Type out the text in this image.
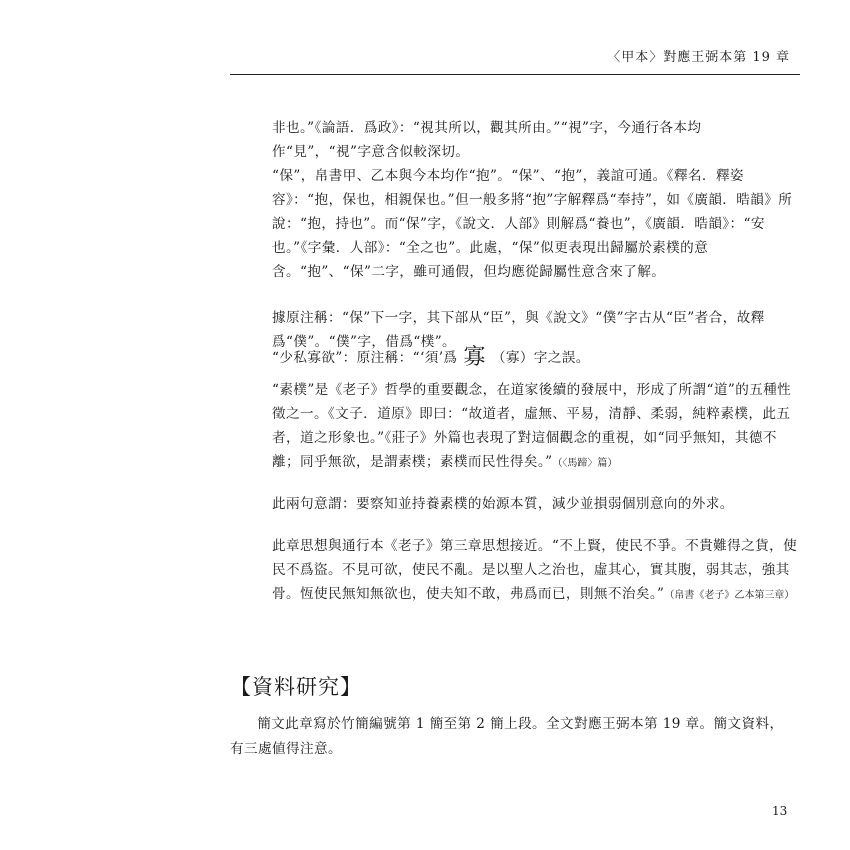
〈甲本〉對應王弼本第 19 章

非也。”《論語．爲政》：“視其所以，觀其所由。”“視”字，今通行各本均作“見”，“視”字意含似較深切。

“保”，帛書甲、乙本與今本均作“抱”。“保”、“抱”，義誼可通。《釋名．釋姿容》：“抱，保也，相親保也。”但一般多將“抱”字解釋爲“奉持”，如《廣韻．晧韻》所說：“抱，持也”。而“保”字，《說文．人部》則解爲“養也”，《廣韻．晧韻》：“安也。”《字彙．人部》：“全之也”。此處，“保”似更表現出歸屬於素樸的意含。“抱”、“保”二字，雖可通假，但均應從歸屬性意含來了解。

據原注稱：“保”下一字，其下部从“臣”，與《說文》“僕”字古从“臣”者合，故釋爲“僕”。“僕”字，借爲“樸”。

“少私寡欲”：原注稱：“‘須’爲 寡 （寡）字之誤。

“素樸”是《老子》哲學的重要觀念，在道家後續的發展中，形成了所謂“道”的五種性徵之一。《文子．道原》即曰：“故道者，虛無、平易，清靜、柔弱，純粹素樸，此五者，道之形象也。”《莊子》外篇也表現了對這個觀念的重視，如“同乎無知，其德不離；同乎無欲，是謂素樸；素樸而民性得矣。”（〈馬蹄〉篇）

此兩句意謂：要察知並持養素樸的始源本質，減少並損弱個別意向的外求。

此章思想與通行本《老子》第三章思想接近。“不上賢，使民不爭。不貴難得之貨，使民不爲盜。不見可欲，使民不亂。是以聖人之治也，虛其心，實其腹，弱其志，強其骨。恆使民無知無欲也，使夫知不敢，弗爲而已，則無不治矣。”（帛書《老子》乙本第三章）

【資料研究】

簡文此章寫於竹簡編號第 1 簡至第 2 簡上段。全文對應王弼本第 19 章。簡文資料，有三處値得注意。

13
